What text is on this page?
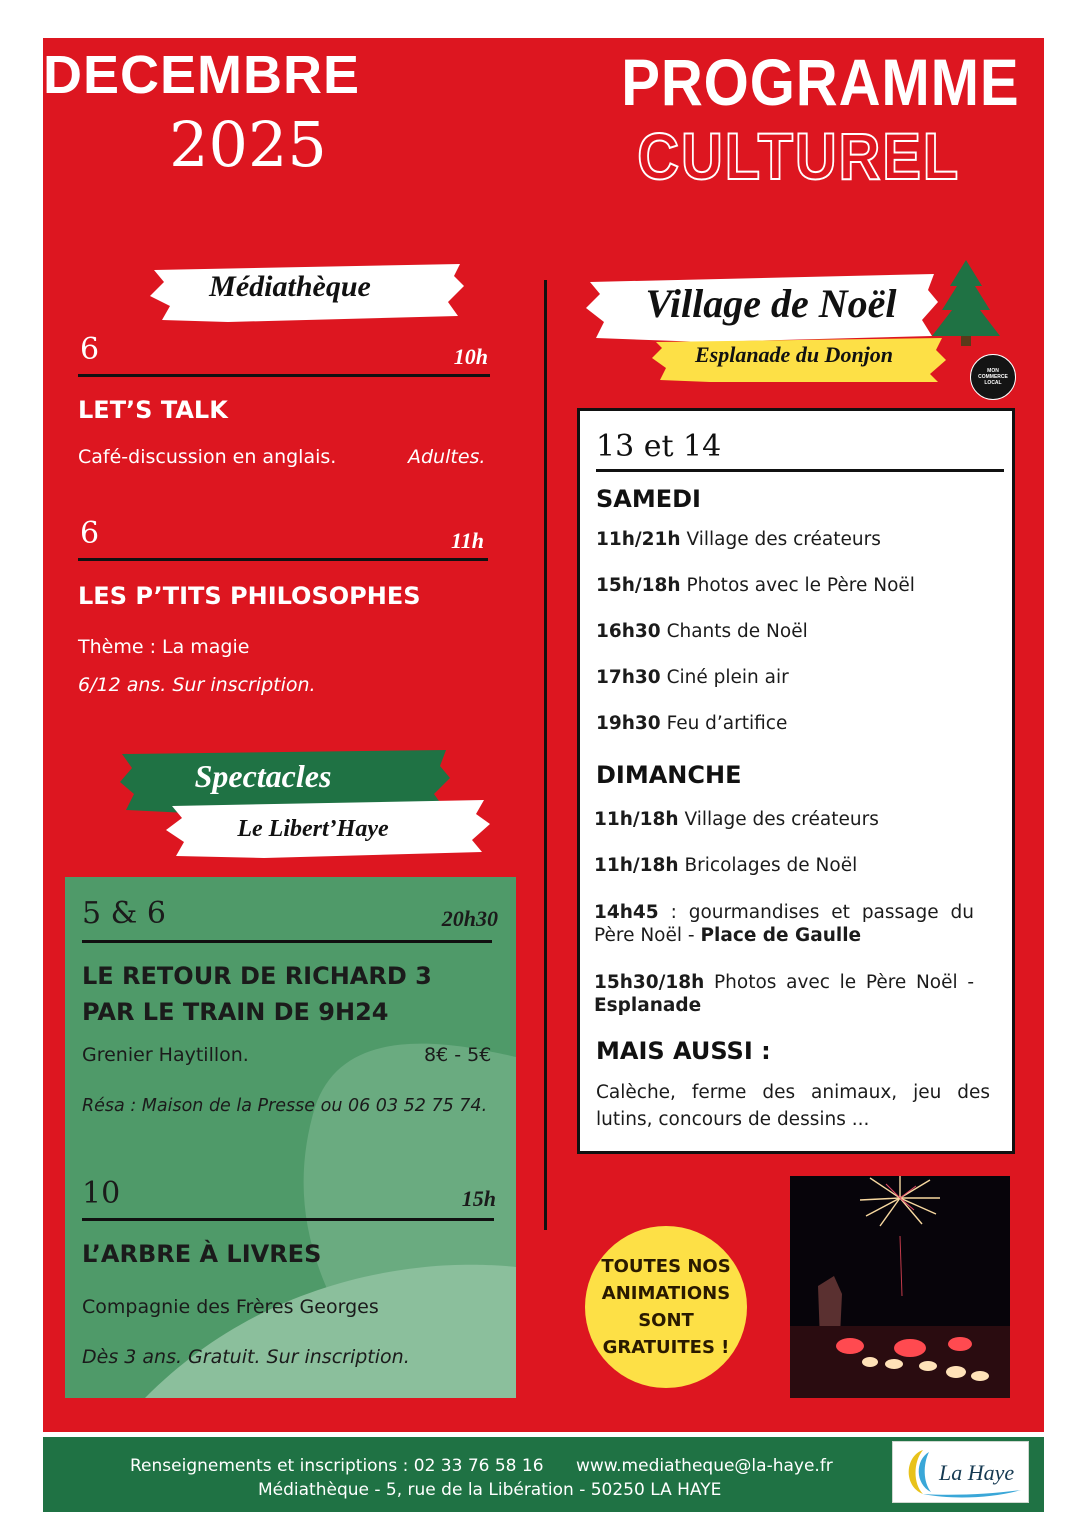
DECEMBRE
2025
PROGRAMME
CULTUREL
Médiathèque
6	10h
LET’S TALK
Café-discussion en anglais.	Adultes.
6	11h
LES P’TITS PHILOSOPHES
Thème : La magie
6/12 ans. Sur inscription.
Spectacles
Le Libert’Haye
5 & 6	20h30
LE RETOUR DE RICHARD 3
PAR LE TRAIN DE 9H24
Grenier Haytillon.	8€ - 5€
Résa : Maison de la Presse ou 06 03 52 75 74.
10	15h
L’ARBRE À LIVRES
Compagnie des Frères Georges
Dès 3 ans. Gratuit. Sur inscription.
Village de Noël
Esplanade du Donjon
MON COMMERCE LOCAL
13 et 14
SAMEDI
11h/21h Village des créateurs
15h/18h Photos avec le Père Noël
16h30 Chants de Noël
17h30 Ciné plein air
19h30 Feu d’artifice
DIMANCHE
11h/18h Village des créateurs
11h/18h Bricolages de Noël
14h45 : gourmandises et passage du Père Noël - Place de Gaulle
15h30/18h Photos avec le Père Noël - Esplanade
MAIS AUSSI :
Calèche, ferme des animaux, jeu des lutins, concours de dessins ...
TOUTES NOS
ANIMATIONS
SONT
GRATUITES !
Renseignements et inscriptions : 02 33 76 58 16 www.mediatheque@la-haye.fr
Médiathèque - 5, rue de la Libération - 50250 LA HAYE
La Haye
